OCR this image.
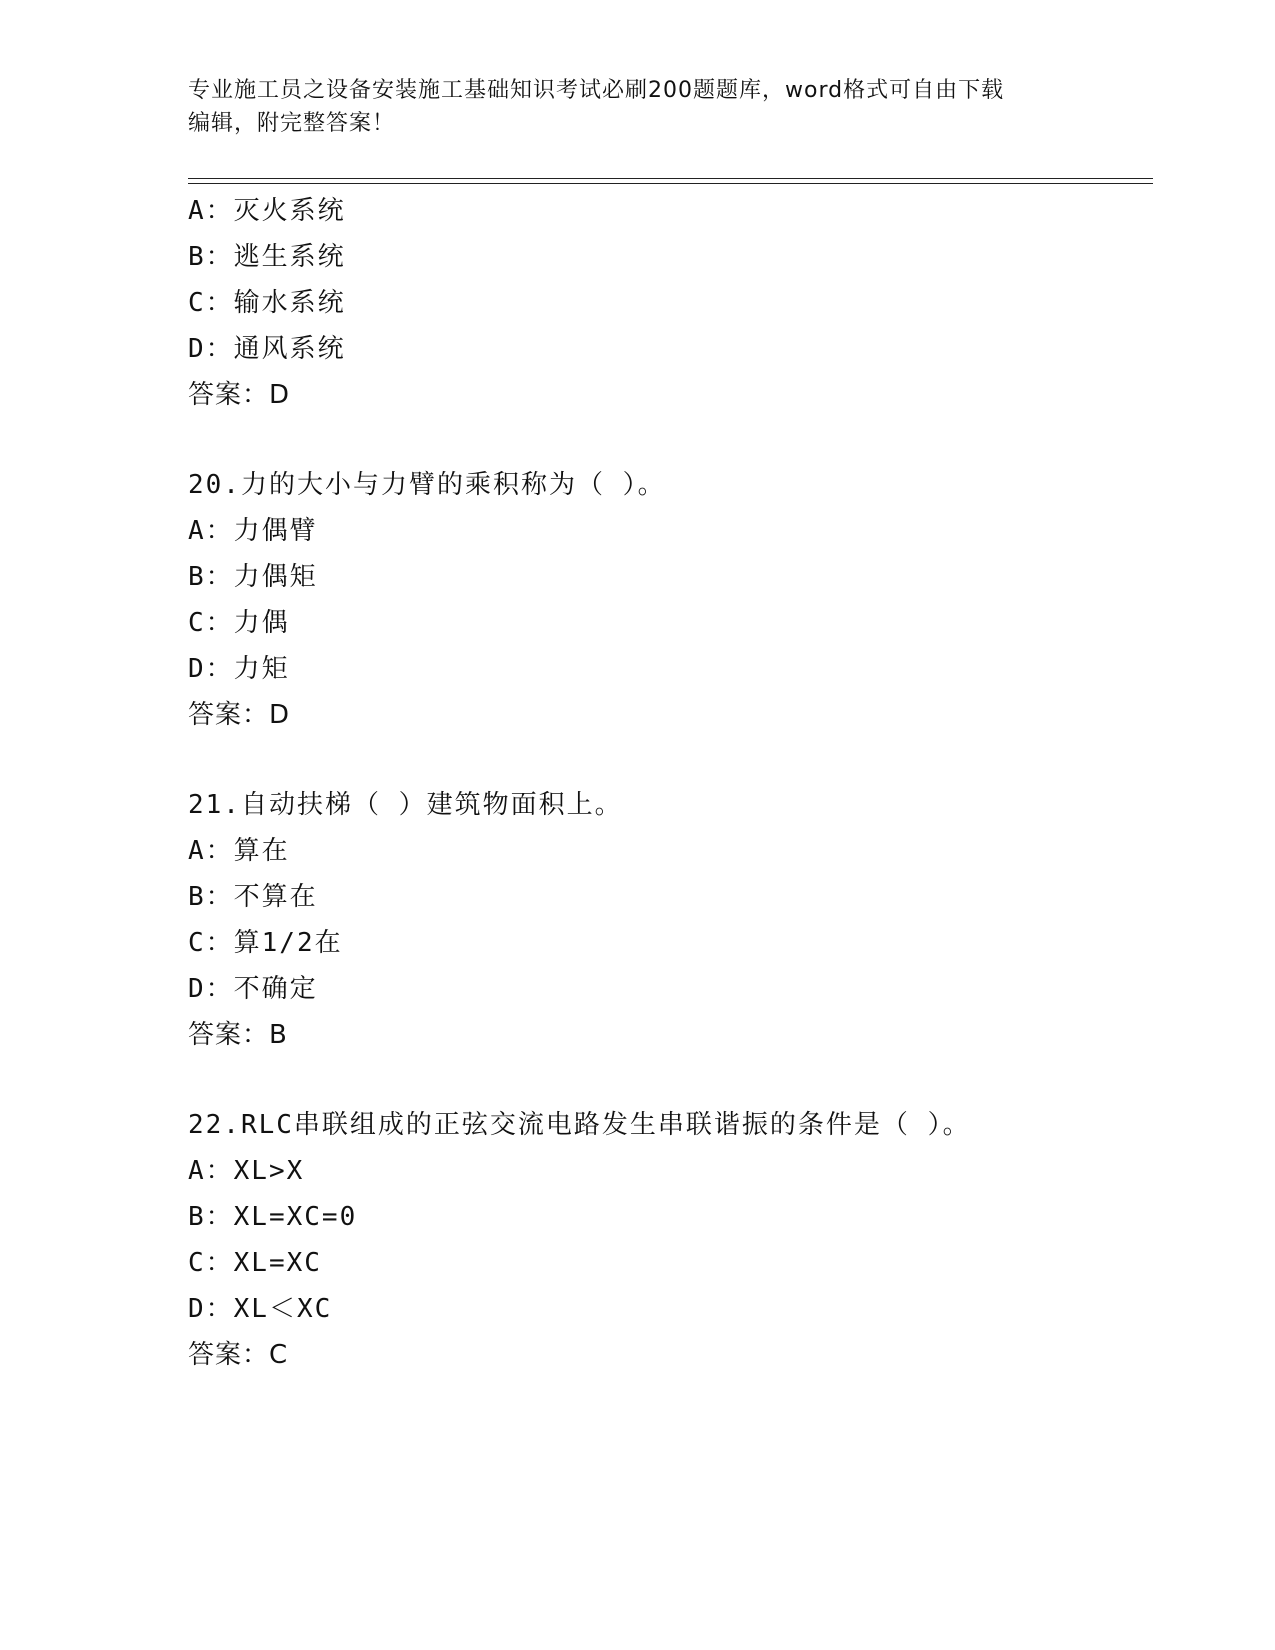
专业施工员之设备安装施工基础知识考试必刷200题题库，word格式可自由下载
编辑，附完整答案！
A：灭火系统
B：逃生系统
C：输水系统
D：通风系统
答案：D
20.力的大小与力臂的乘积称为（ ）。
A：力偶臂
B：力偶矩
C：力偶
D：力矩
答案：D
21.自动扶梯（ ）建筑物面积上。
A：算在
B：不算在
C：算1/2在
D：不确定
答案：B
22.RLC串联组成的正弦交流电路发生串联谐振的条件是（ ）。
A：XL>X
B：XL=XC=0
C：XL=XC
D：XL＜XC
答案：C
